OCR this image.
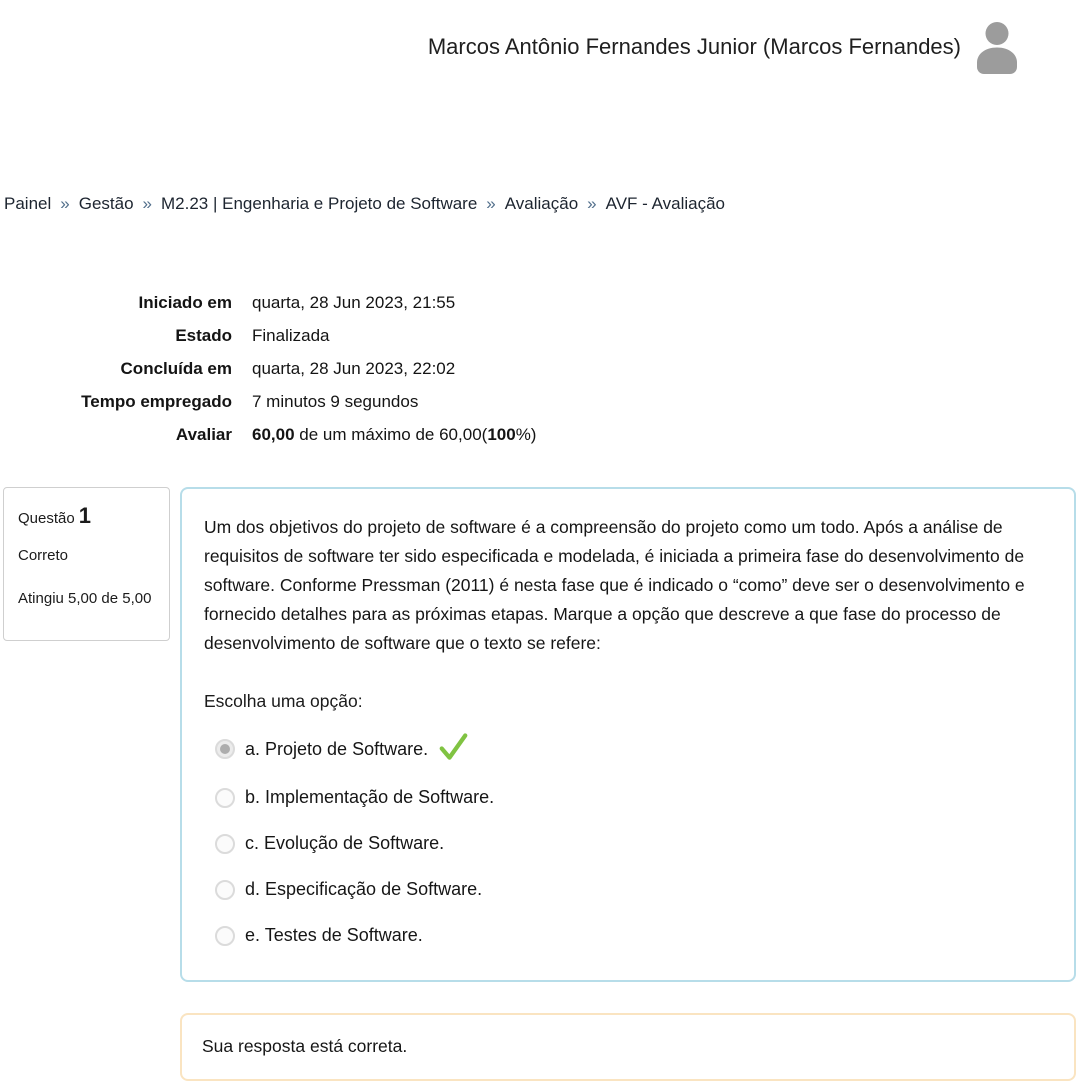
Marcos Antônio Fernandes Junior (Marcos Fernandes)
Painel » Gestão » M2.23 | Engenharia e Projeto de Software » Avaliação » AVF - Avaliação
Iniciado em	quarta, 28 Jun 2023, 21:55
Estado	Finalizada
Concluída em	quarta, 28 Jun 2023, 22:02
Tempo empregado	7 minutos 9 segundos
Avaliar	60,00 de um máximo de 60,00(100%)
Questão 1
Correto
Atingiu 5,00 de 5,00
Um dos objetivos do projeto de software é a compreensão do projeto como um todo. Após a análise de requisitos de software ter sido especificada e modelada, é iniciada a primeira fase do desenvolvimento de software. Conforme Pressman (2011) é nesta fase que é indicado o “como” deve ser o desenvolvimento e fornecido detalhes para as próximas etapas. Marque a opção que descreve a que fase do processo de desenvolvimento de software que o texto se refere:
Escolha uma opção:
a. Projeto de Software.
b. Implementação de Software.
c. Evolução de Software.
d. Especificação de Software.
e. Testes de Software.
Sua resposta está correta.
